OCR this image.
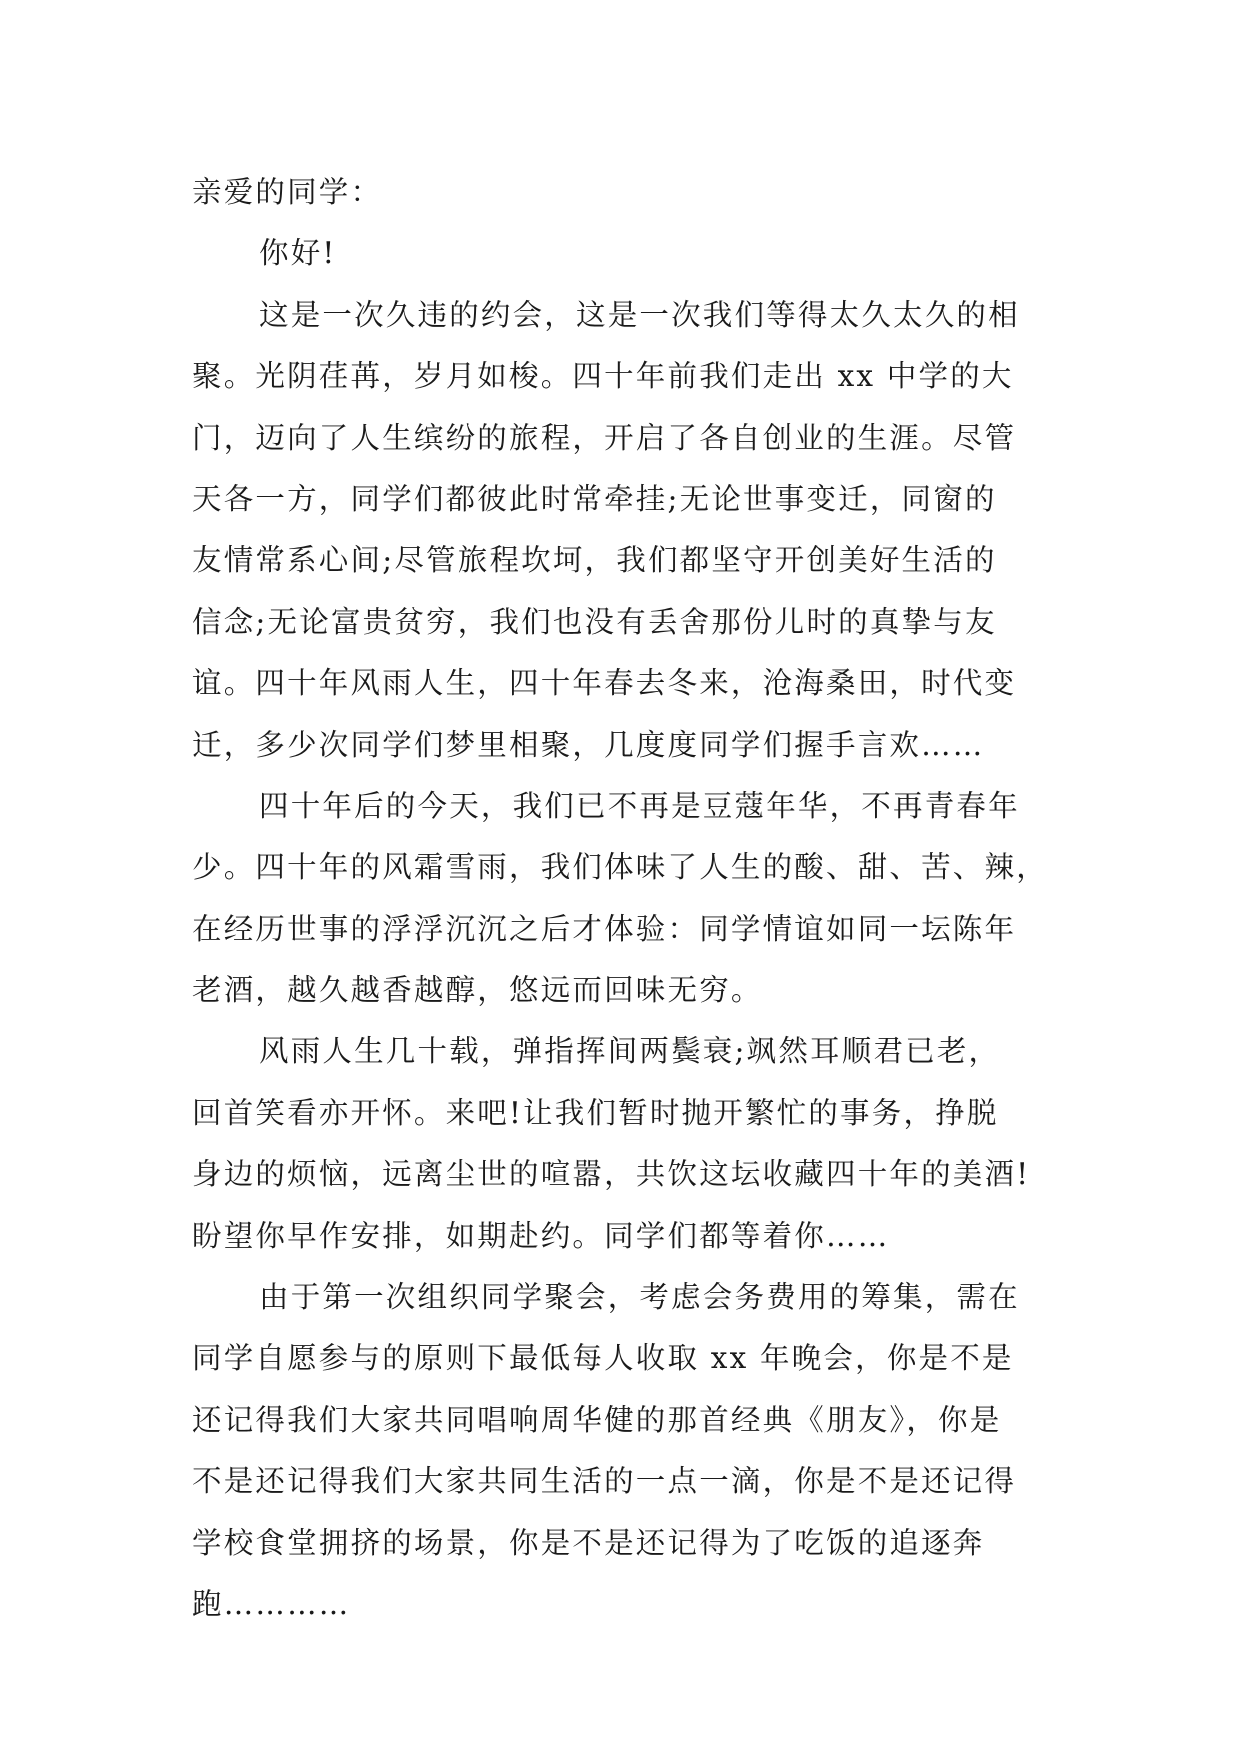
亲爱的同学：

你好!

这是一次久违的约会，这是一次我们等得太久太久的相

聚。光阴荏苒，岁月如梭。四十年前我们走出 xx 中学的大

门，迈向了人生缤纷的旅程，开启了各自创业的生涯。尽管

天各一方，同学们都彼此时常牵挂;无论世事变迁，同窗的

友情常系心间;尽管旅程坎坷，我们都坚守开创美好生活的

信念;无论富贵贫穷，我们也没有丢舍那份儿时的真挚与友

谊。四十年风雨人生，四十年春去冬来，沧海桑田，时代变

迁，多少次同学们梦里相聚，几度度同学们握手言欢……

四十年后的今天，我们已不再是豆蔻年华，不再青春年

少。四十年的风霜雪雨，我们体味了人生的酸、甜、苦、辣，

在经历世事的浮浮沉沉之后才体验：同学情谊如同一坛陈年

老酒，越久越香越醇，悠远而回味无穷。

风雨人生几十载，弹指挥间两鬓衰;飒然耳顺君已老，

回首笑看亦开怀。来吧!让我们暂时抛开繁忙的事务，挣脱

身边的烦恼，远离尘世的喧嚣，共饮这坛收藏四十年的美酒!

盼望你早作安排，如期赴约。同学们都等着你……

由于第一次组织同学聚会，考虑会务费用的筹集，需在

同学自愿参与的原则下最低每人收取 xx 年晚会，你是不是

还记得我们大家共同唱响周华健的那首经典《朋友》，你是

不是还记得我们大家共同生活的一点一滴，你是不是还记得

学校食堂拥挤的场景，你是不是还记得为了吃饭的追逐奔

跑…………
